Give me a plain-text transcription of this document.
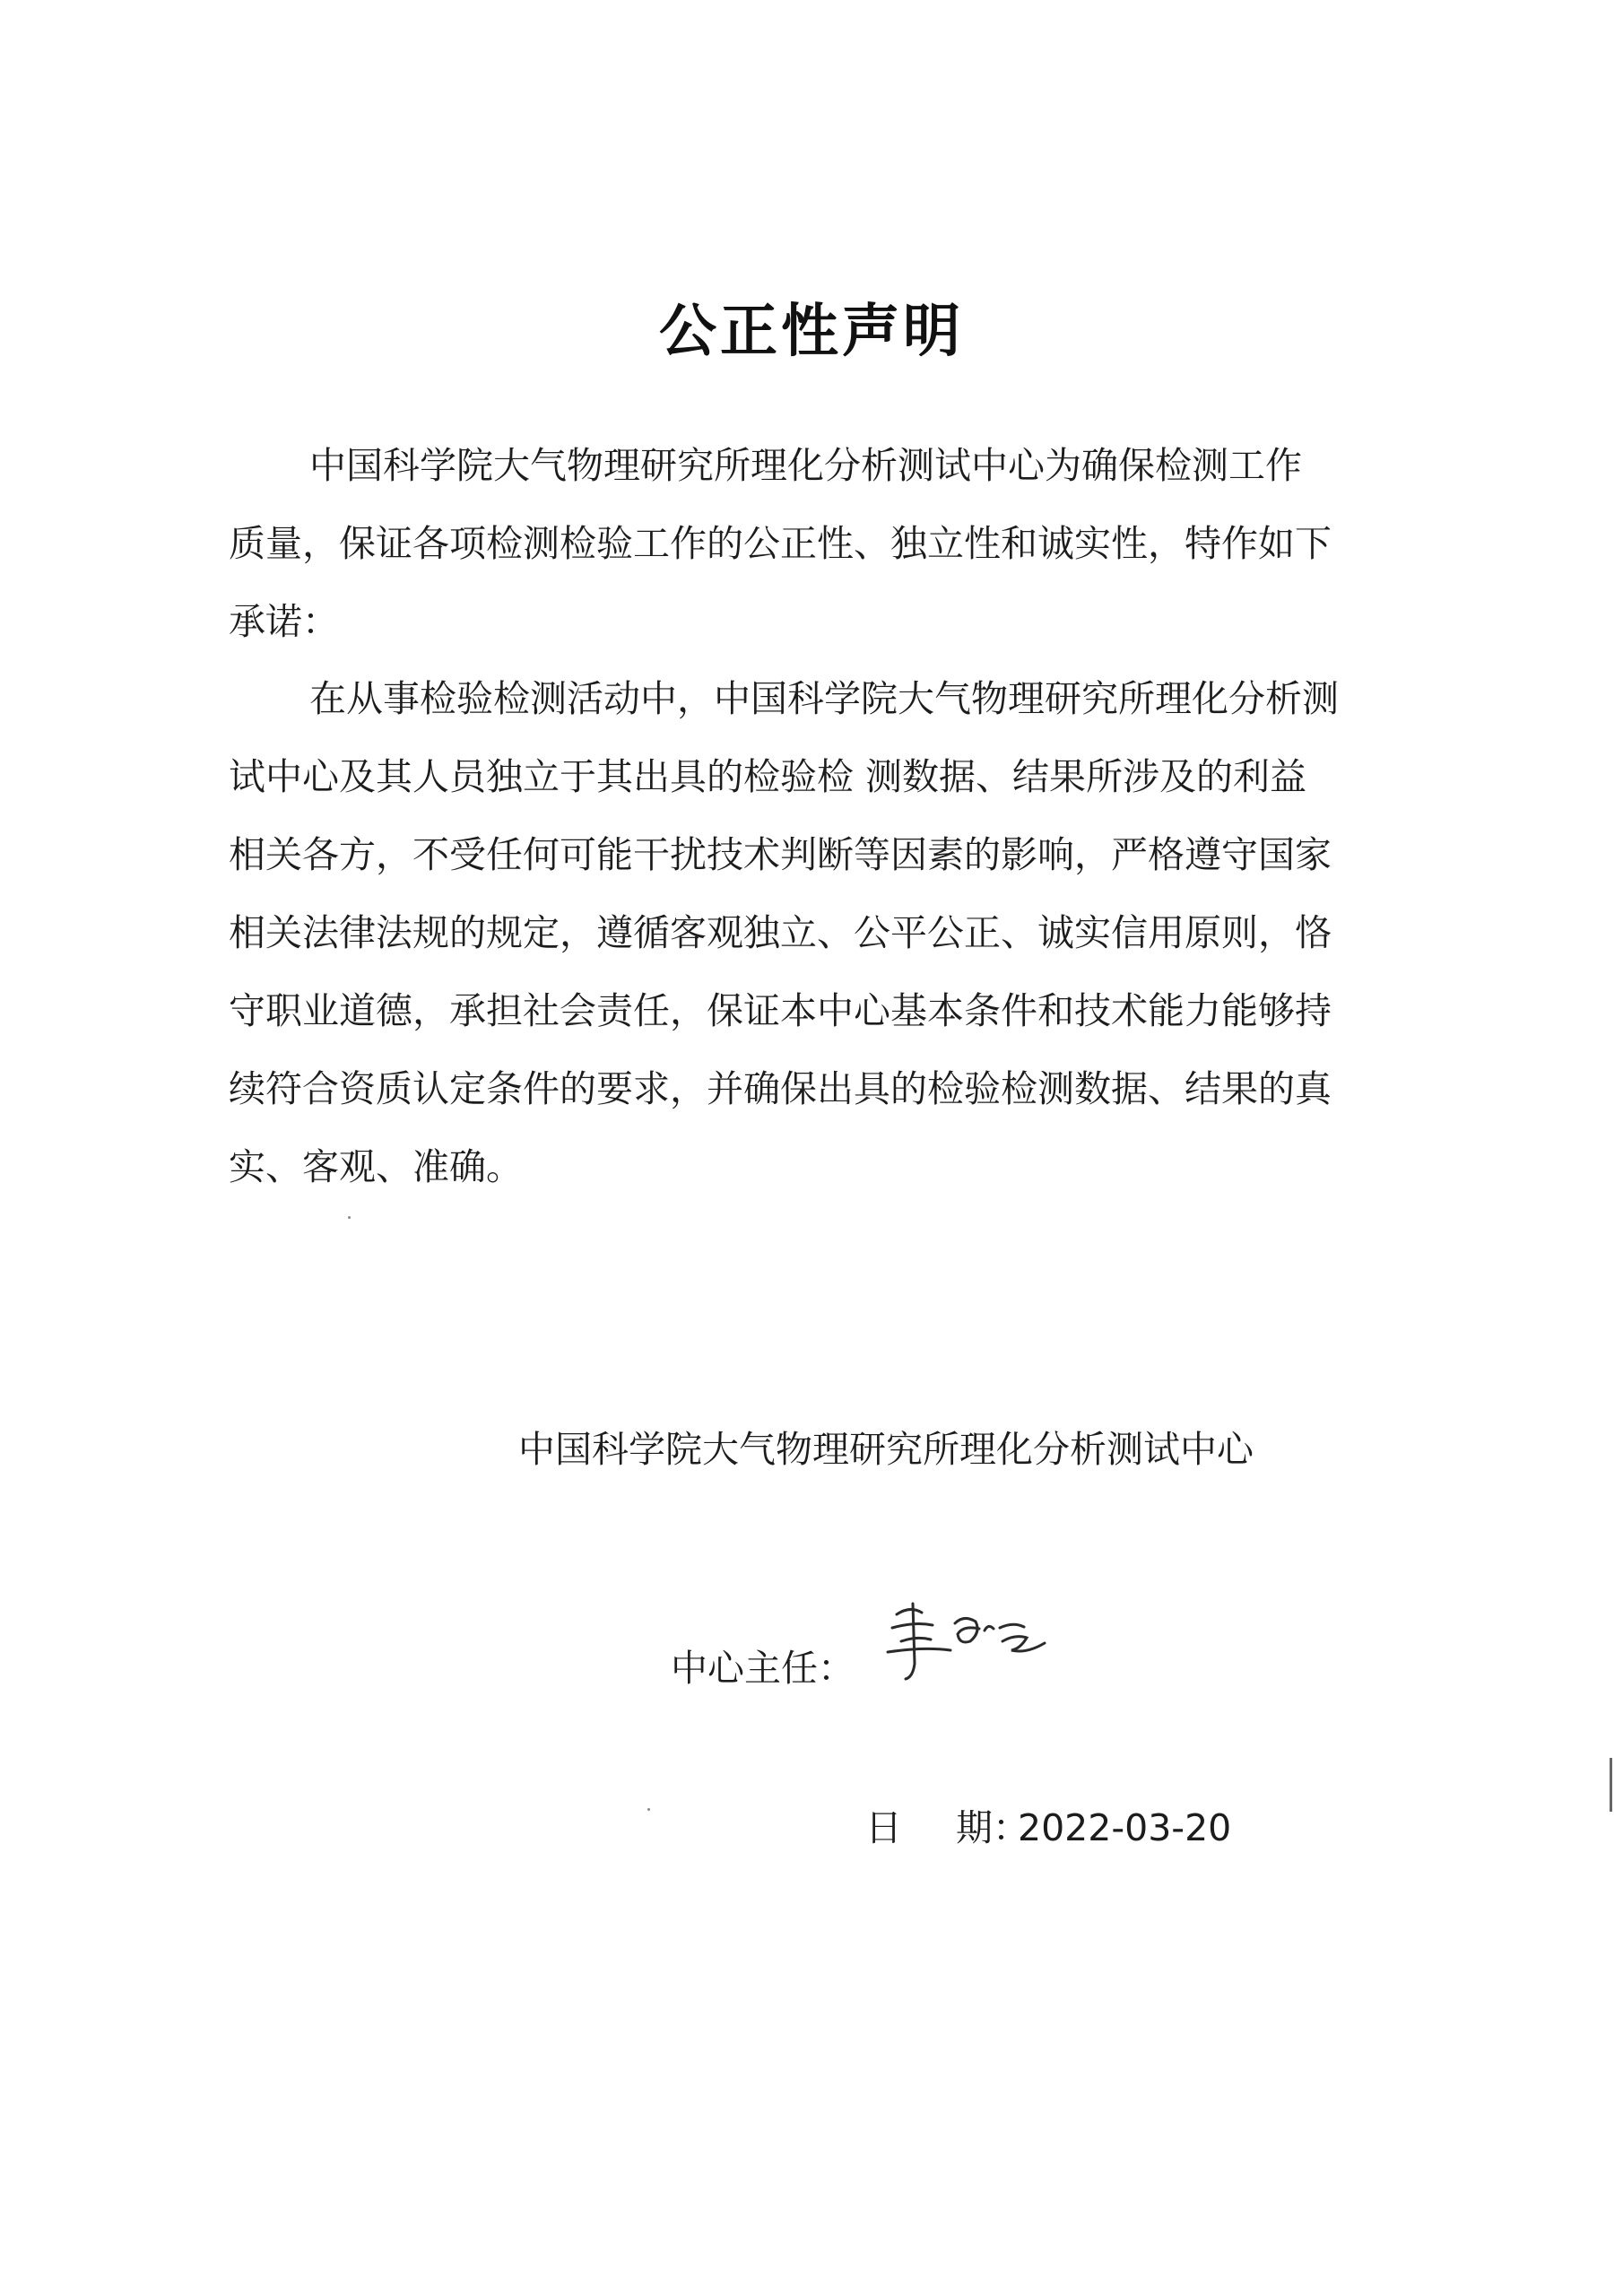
公正性声明
中国科学院大气物理研究所理化分析测试中心为确保检测工作
质量，保证各项检测检验工作的公正性、独立性和诚实性，特作如下
承诺：
在从事检验检测活动中，中国科学院大气物理研究所理化分析测
试中心及其人员独立于其出具的检验检 测数据、结果所涉及的利益
相关各方，不受任何可能干扰技术判断等因素的影响，严格遵守国家
相关法律法规的规定，遵循客观独立、公平公正、诚实信用原则，恪
守职业道德，承担社会责任，保证本中心基本条件和技术能力能够持
续符合资质认定条件的要求，并确保出具的检验检测数据、结果的真
实、客观、准确。
中国科学院大气物理研究所理化分析测试中心
中心主任：
日 期：2022-03-20
